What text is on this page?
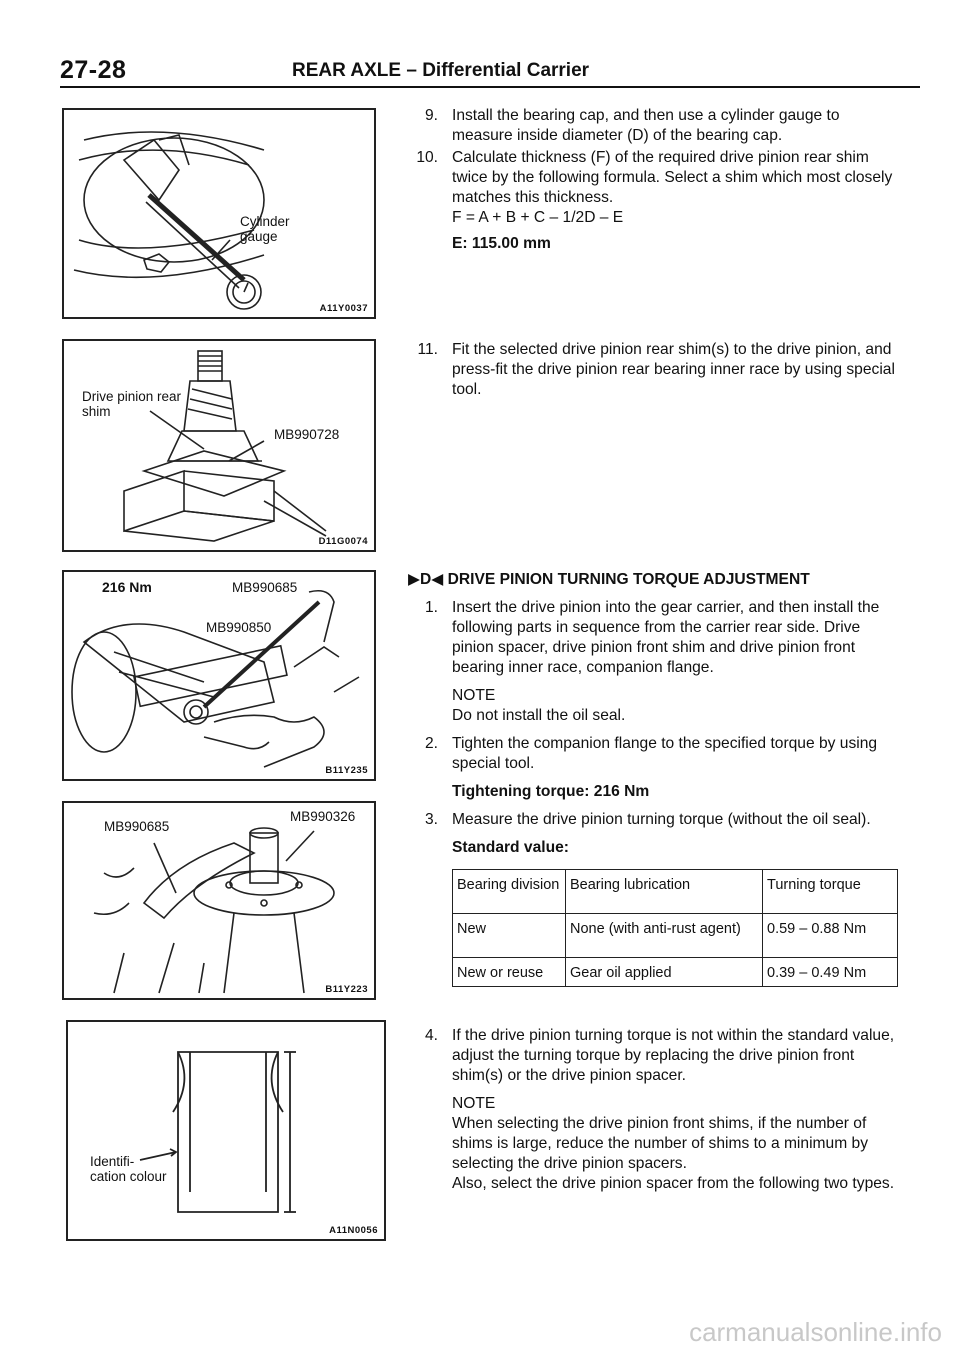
27-28	REAR AXLE – Differential Carrier
Cylinder gauge
A11Y0037
Drive pinion rear shim
MB990728
D11G0074
216 Nm	MB990685
MB990850
B11Y235
MB990685
MB990326
B11Y223
Identifi-cation colour
A11N0056
9. Install the bearing cap, and then use a cylinder gauge to measure inside diameter (D) of the bearing cap.
10. Calculate thickness (F) of the required drive pinion rear shim twice by the following formula. Select a shim which most closely matches this thickness.
F = A + B + C – 1/2D – E
E: 115.00 mm
11. Fit the selected drive pinion rear shim(s) to the drive pinion, and press-fit the drive pinion rear bearing inner race by using special tool.
▶D◀ DRIVE PINION TURNING TORQUE ADJUSTMENT
1. Insert the drive pinion into the gear carrier, and then install the following parts in sequence from the carrier rear side. Drive pinion spacer, drive pinion front shim and drive pinion front bearing inner race, companion flange.
NOTE
Do not install the oil seal.
2. Tighten the companion flange to the specified torque by using special tool.
Tightening torque: 216 Nm
3. Measure the drive pinion turning torque (without the oil seal).
Standard value:
Bearing division	Bearing lubrication	Turning torque
New	None (with anti-rust agent)	0.59 – 0.88 Nm
New or reuse	Gear oil applied	0.39 – 0.49 Nm
4. If the drive pinion turning torque is not within the standard value, adjust the turning torque by replacing the drive pinion front shim(s) or the drive pinion spacer.
NOTE
When selecting the drive pinion front shims, if the number of shims is large, reduce the number of shims to a minimum by selecting the drive pinion spacers.
Also, select the drive pinion spacer from the following two types.
carmanualsonline.info
